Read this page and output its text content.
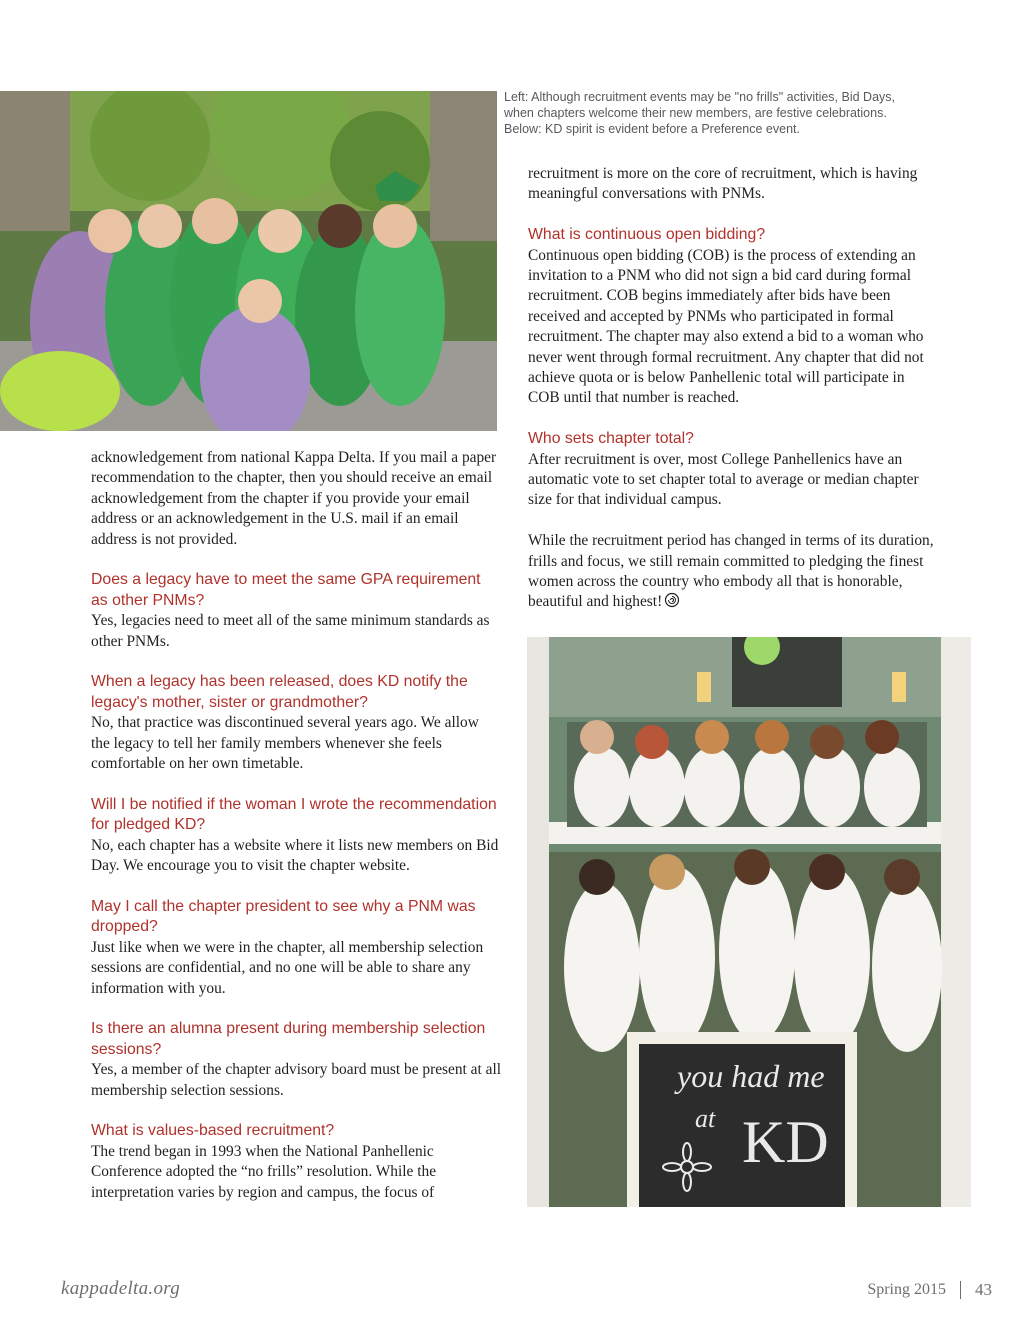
Left: Although recruitment events may be "no frills" activities, Bid Days,

when chapters welcome their new members, are festive celebrations.

Below: KD spirit is evident before a Preference event.

recruitment is more on the core of recruitment, which is having meaningful conversations with PNMs.

What is continuous open bidding?

Continuous open bidding (COB) is the process of extending an invitation to a PNM who did not sign a bid card during formal recruitment. COB begins immediately after bids have been received and accepted by PNMs who participated in formal recruitment. The chapter may also extend a bid to a woman who never went through formal recruitment. Any chapter that did not achieve quota or is below Panhellenic total will participate in COB until that number is reached.

Who sets chapter total?

After recruitment is over, most College Panhellenics have an automatic vote to set chapter total to average or median chapter size for that individual campus.

While the recruitment period has changed in terms of its duration, frills and focus, we still remain committed to pledging the finest women across the country who embody all that is honorable, beautiful and highest!

acknowledgement from national Kappa Delta. If you mail a paper recommendation to the chapter, then you should receive an email acknowledgement from the chapter if you provide your email address or an acknowledgement in the U.S. mail if an email address is not provided.

Does a legacy have to meet the same GPA requirement as other PNMs?

Yes, legacies need to meet all of the same minimum standards as other PNMs.

When a legacy has been released, does KD notify the legacy's mother, sister or grandmother?

No, that practice was discontinued several years ago. We allow the legacy to tell her family members whenever she feels comfortable on her own timetable.

Will I be notified if the woman I wrote the recommendation for pledged KD?

No, each chapter has a website where it lists new members on Bid Day. We encourage you to visit the chapter website.

May I call the chapter president to see why a PNM was dropped?

Just like when we were in the chapter, all membership selection sessions are confidential, and no one will be able to share any information with you.

Is there an alumna present during membership selection sessions?

Yes, a member of the chapter advisory board must be present at all membership selection sessions.

What is values-based recruitment?

The trend began in 1993 when the National Panhellenic Conference adopted the “no frills” resolution. While the interpretation varies by region and campus, the focus of

you had me
at KD
kappadelta.org	Spring 2015 43
